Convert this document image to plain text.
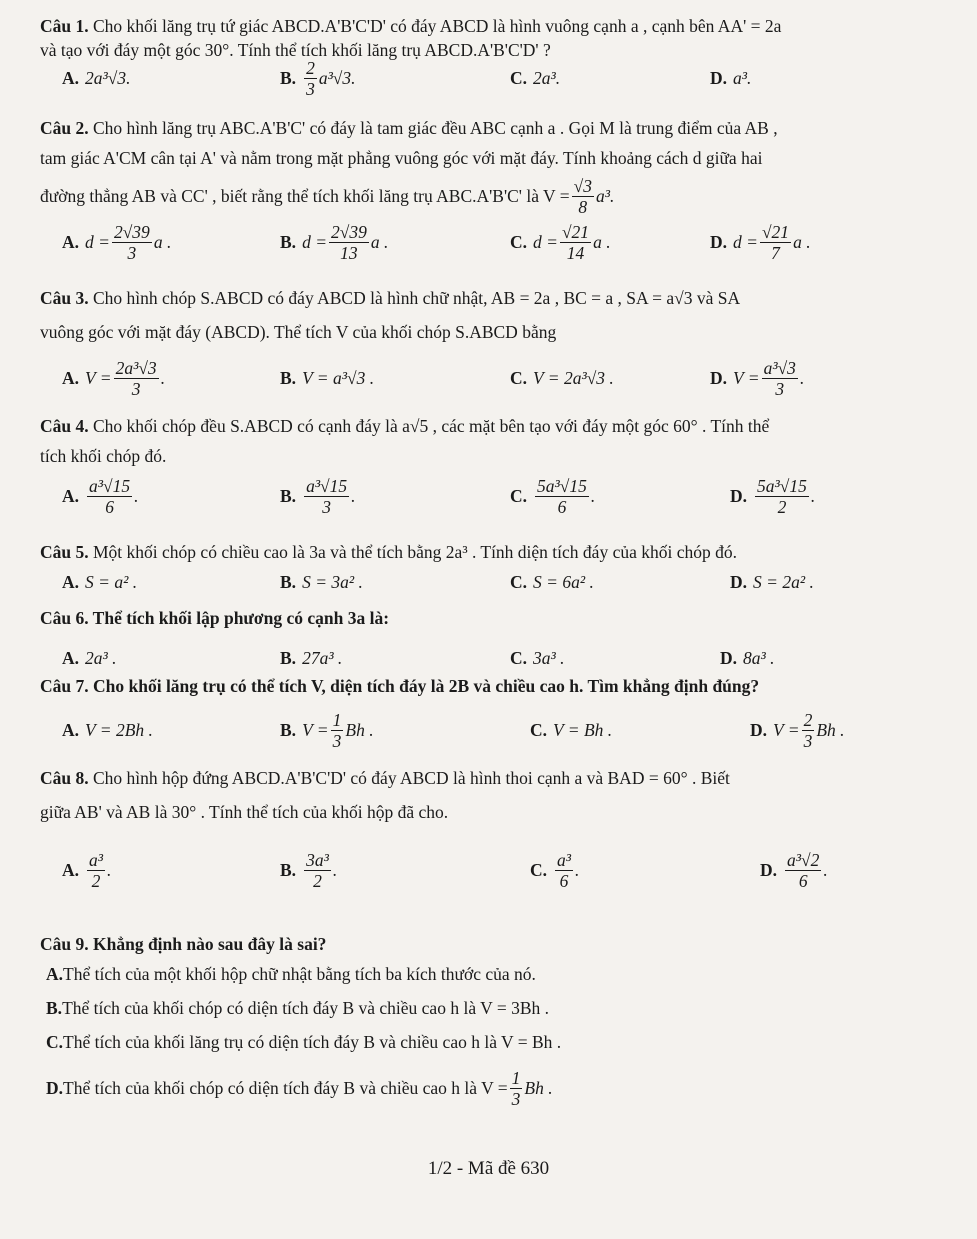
Câu 1. Cho khối lăng trụ tứ giác ABCD.A'B'C'D' có đáy ABCD là hình vuông cạnh a , cạnh bên AA' = 2a
và tạo với đáy một góc 30°. Tính thể tích khối lăng trụ ABCD.A'B'C'D' ?
A. 2a³√3.	B. $\frac{2}{3} a^3√3$.	C. 2a³.	D. a³.
Câu 2. Cho hình lăng trụ ABC.A'B'C' có đáy là tam giác đều ABC cạnh a . Gọi M là trung điểm của AB ,
tam giác A'CM cân tại A' và nằm trong mặt phẳng vuông góc với mặt đáy. Tính khoảng cách d giữa hai
đường thẳng AB và CC' , biết rằng thể tích khối lăng trụ ABC.A'B'C' là $V = \frac{√3}{8} a^3$.
A. $d = \frac{2√39}{3}$ a .	B. $d = \frac{2√39}{13}$ a .	C. $d = \frac{√21}{14}$ a .	D. $d = \frac{√21}{7}$ a .
Câu 3. Cho hình chóp S.ABCD có đáy ABCD là hình chữ nhật, AB = 2a , BC = a , SA = a√3 và SA
vuông góc với mặt đáy (ABCD). Thể tích V của khối chóp S.ABCD bằng
A. $V = \frac{\text{2a³√3}}{3}$ .	B. V = a³√3 .	C. V = 2a³√3 .	D. $V = \frac{\text{a³√3}}{3}$ .
Câu 4. Cho khối chóp đều S.ABCD có cạnh đáy là a√5 , các mặt bên tạo với đáy một góc 60° . Tính thể
tích khối chóp đó.
A. $\frac{\text{a³√15}}{6}$ .	B. $\frac{\text{a³√15}}{3}$ .	C. $\frac{\text{5a³√15}}{6}$ .	D. $\frac{\text{5a³√15}}{2}$ .
Câu 5. Một khối chóp có chiều cao là 3a và thể tích bằng 2a³ . Tính diện tích đáy của khối chóp đó.
A. S = a² .	B. S = 3a² .	C. S = 6a² .	D. S = 2a² .
Câu 6. Thể tích khối lập phương có cạnh 3a là:
A. 2a³ .	B. 27a³ .	C. 3a³ .	D. 8a³ .
Câu 7. Cho khối lăng trụ có thể tích V, diện tích đáy là 2B và chiều cao h. Tìm khẳng định đúng?
A. V = 2Bh .	B. $V = \frac{1}{3}$ Bh .	C. V = Bh .	D. $V = \frac{2}{3}$ Bh .
Câu 8. Cho hình hộp đứng ABCD.A'B'C'D' có đáy ABCD là hình thoi cạnh a và BAD = 60° . Biết
giữa AB' và AB là 30° . Tính thể tích của khối hộp đã cho.
A. $\frac{\text{a³}}{2}$ .	B. $\frac{\text{3a³}}{2}$ .	C. $\frac{\text{a³}}{6}$ .	D. $\frac{\text{a³√2}}{6}$ .
Câu 9. Khẳng định nào sau đây là sai?
A. Thể tích của một khối hộp chữ nhật bằng tích ba kích thước của nó.
B. Thể tích của khối chóp có diện tích đáy B và chiều cao h là V = 3Bh .
C. Thể tích của khối lăng trụ có diện tích đáy B và chiều cao h là V = Bh .
D. Thể tích của khối chóp có diện tích đáy B và chiều cao h là $V = \frac{1}{3}$ Bh .
1/2 - Mã đề 630
